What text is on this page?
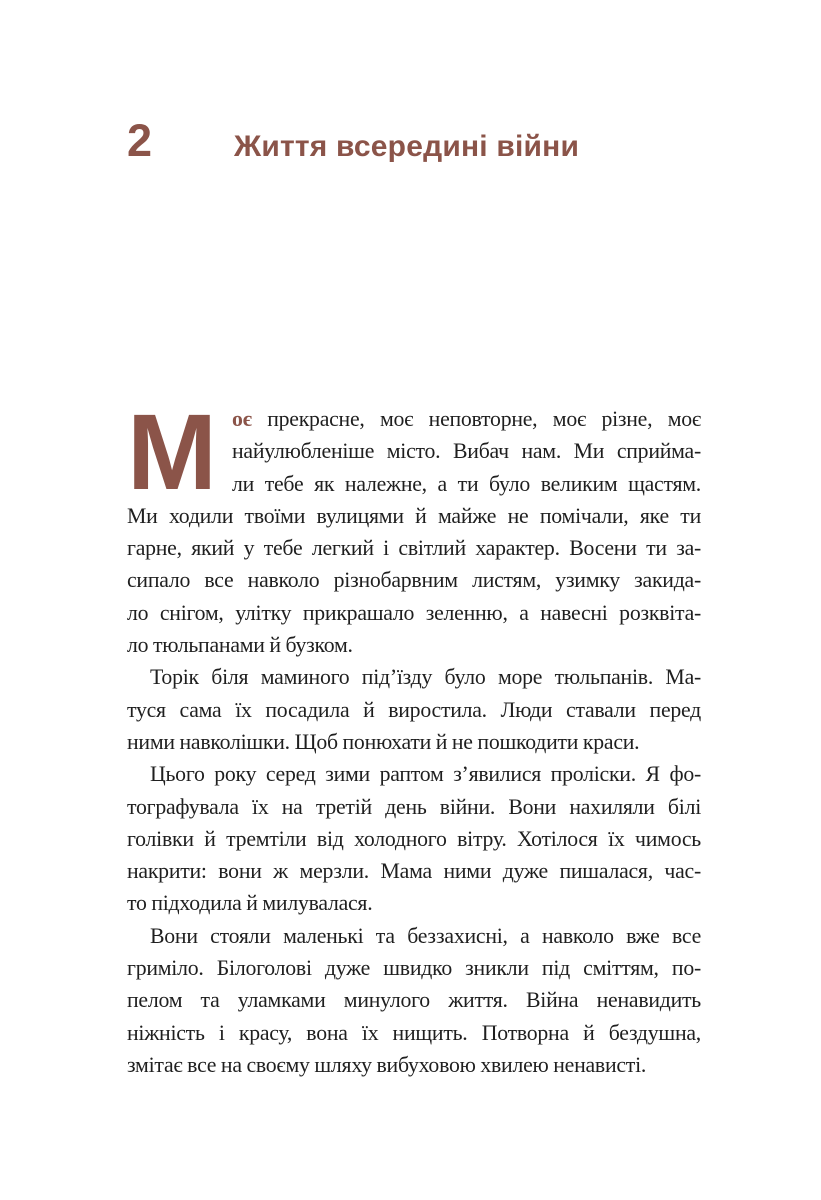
2	Життя всередині війни
М оє прекрасне, моє неповторне, моє різне, моє
найулюбленіше місто. Вибач нам. Ми сприйма-
ли тебе як належне, а ти було великим щастям.
Ми ходили твоїми вулицями й майже не помічали, яке ти
гарне, який у тебе легкий і світлий характер. Восени ти за-
сипало все навколо різнобарвним листям, узимку закида-
ло снігом, улітку прикрашало зеленню, а навесні розквіта-
ло тюльпанами й бузком.
Торік біля маминого під’їзду було море тюльпанів. Ма-
туся сама їх посадила й виростила. Люди ставали перед
ними навколішки. Щоб понюхати й не пошкодити краси.
Цього року серед зими раптом з’явилися проліски. Я фо-
тографувала їх на третій день війни. Вони нахиляли білі
голівки й тремтіли від холодного вітру. Хотілося їх чимось
накрити: вони ж мерзли. Мама ними дуже пишалася, час-
то підходила й милувалася.
Вони стояли маленькі та беззахисні, а навколо вже все
гриміло. Білоголові дуже швидко зникли під сміттям, по-
пелом та уламками минулого життя. Війна ненавидить
ніжність і красу, вона їх нищить. Потворна й бездушна,
змітає все на своєму шляху вибуховою хвилею ненависті.
